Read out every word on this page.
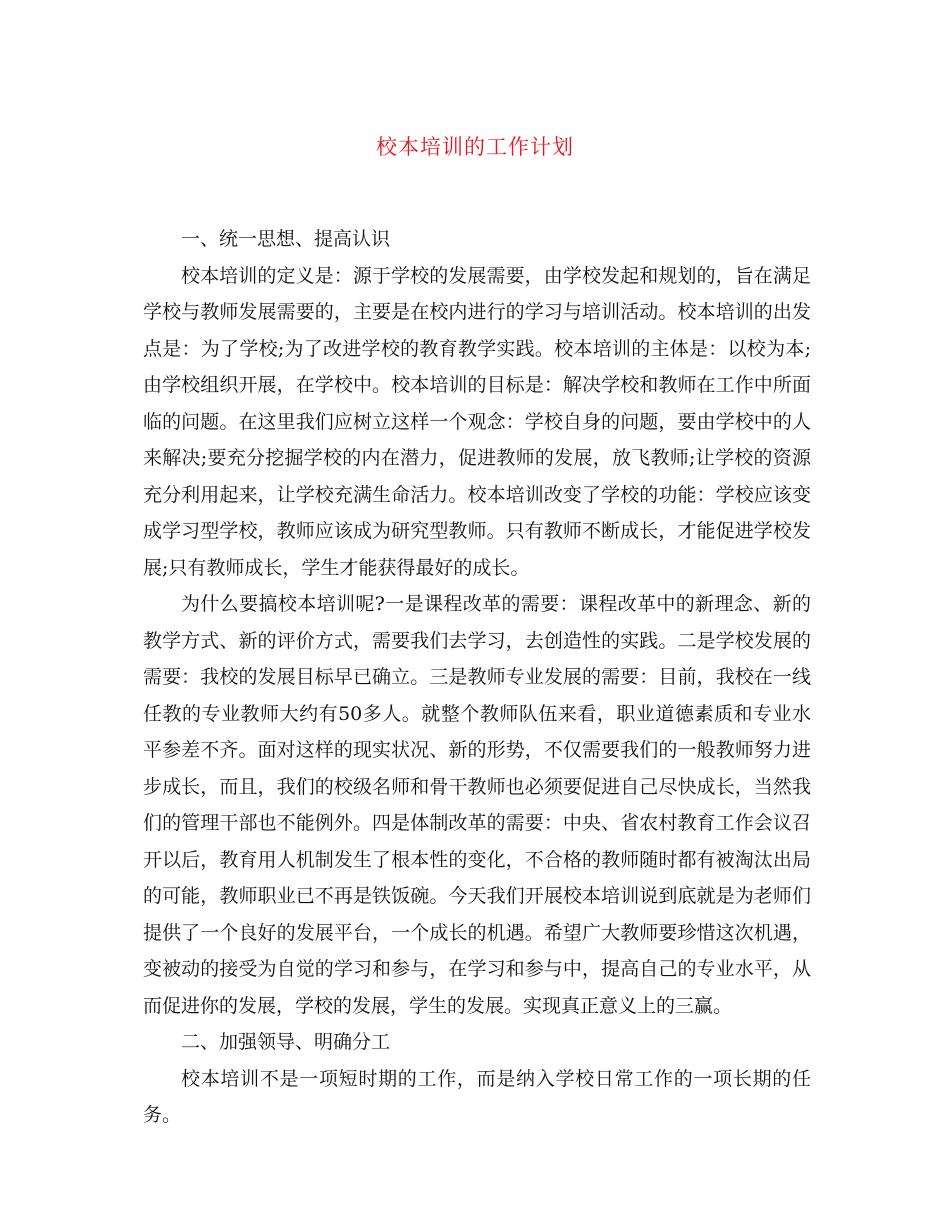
校本培训的工作计划

一、统一思想、提高认识

校本培训的定义是：源于学校的发展需要，由学校发起和规划的，旨在满足学校与教师发展需要的，主要是在校内进行的学习与培训活动。校本培训的出发点是：为了学校;为了改进学校的教育教学实践。校本培训的主体是：以校为本;由学校组织开展，在学校中。校本培训的目标是：解决学校和教师在工作中所面临的问题。在这里我们应树立这样一个观念：学校自身的问题，要由学校中的人来解决;要充分挖掘学校的内在潜力，促进教师的发展，放飞教师;让学校的资源充分利用起来，让学校充满生命活力。校本培训改变了学校的功能：学校应该变成学习型学校，教师应该成为研究型教师。只有教师不断成长，才能促进学校发展;只有教师成长，学生才能获得最好的成长。

为什么要搞校本培训呢?一是课程改革的需要：课程改革中的新理念、新的教学方式、新的评价方式，需要我们去学习，去创造性的实践。二是学校发展的需要：我校的发展目标早已确立。三是教师专业发展的需要：目前，我校在一线任教的专业教师大约有50多人。就整个教师队伍来看，职业道德素质和专业水平参差不齐。面对这样的现实状况、新的形势，不仅需要我们的一般教师努力进步成长，而且，我们的校级名师和骨干教师也必须要促进自己尽快成长，当然我们的管理干部也不能例外。四是体制改革的需要：中央、省农村教育工作会议召开以后，教育用人机制发生了根本性的变化，不合格的教师随时都有被淘汰出局的可能，教师职业已不再是铁饭碗。今天我们开展校本培训说到底就是为老师们提供了一个良好的发展平台，一个成长的机遇。希望广大教师要珍惜这次机遇，变被动的接受为自觉的学习和参与，在学习和参与中，提高自己的专业水平，从而促进你的发展，学校的发展，学生的发展。实现真正意义上的三赢。

二、加强领导、明确分工

校本培训不是一项短时期的工作，而是纳入学校日常工作的一项长期的任务。
